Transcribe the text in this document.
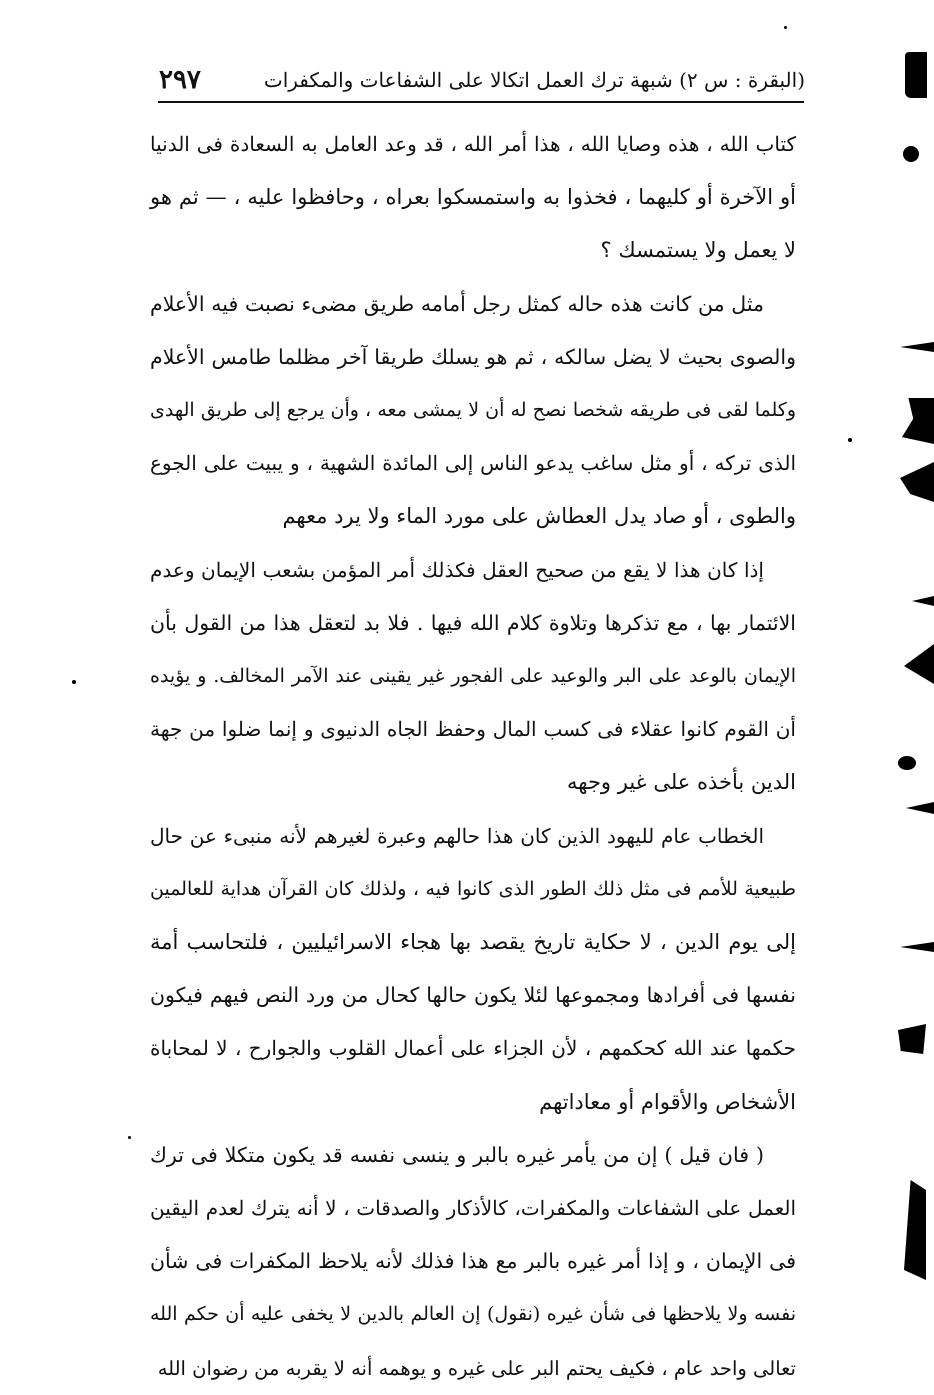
(البقرة : س ٢) شبهة ترك العمل اتكالا على الشفاعات والمكفرات
٢٩٧

كتاب الله ، هذه وصايا الله ، هذا أمر الله ، قد وعد العامل به السعادة فى الدنيا
أو الآخرة أو كليهما ، فخذوا به واستمسكوا بعراه ، وحافظوا عليه ، — ثم هو
لا يعمل ولا يستمسك ؟

مثل من كانت هذه حاله كمثل رجل أمامه طريق مضىء نصبت فيه الأعلام
والصوى بحيث لا يضل سالكه ، ثم هو يسلك طريقا آخر مظلما طامس الأعلام
وكلما لقى فى طريقه شخصا نصح له أن لا يمشى معه ، وأن يرجع إلى طريق الهدى
الذى تركه ، أو مثل ساغب يدعو الناس إلى المائدة الشهية ، و يبيت على الجوع
والطوى ، أو صاد يدل العطاش على مورد الماء ولا يرد معهم

إذا كان هذا لا يقع من صحيح العقل فكذلك أمر المؤمن بشعب الإيمان وعدم
الائتمار بها ، مع تذكرها وتلاوة كلام الله فيها . فلا بد لتعقل هذا من القول بأن
الإيمان بالوعد على البر والوعيد على الفجور غير يقينى عند الآمر المخالف. و يؤيده
أن القوم كانوا عقلاء فى كسب المال وحفظ الجاه الدنيوى و إنما ضلوا من جهة
الدين بأخذه على غير وجهه

الخطاب عام لليهود الذين كان هذا حالهم وعبرة لغيرهم لأنه منبىء عن حال
طبيعية للأمم فى مثل ذلك الطور الذى كانوا فيه ، ولذلك كان القرآن هداية للعالمين
إلى يوم الدين ، لا حكاية تاريخ يقصد بها هجاء الاسرائيليين ، فلتحاسب أمة
نفسها فى أفرادها ومجموعها لئلا يكون حالها كحال من ورد النص فيهم فيكون
حكمها عند الله كحكمهم ، لأن الجزاء على أعمال القلوب والجوارح ، لا لمحاباة
الأشخاص والأقوام أو معاداتهم

( فان قيل ) إن من يأمر غيره بالبر و ينسى نفسه قد يكون متكلا فى ترك
العمل على الشفاعات والمكفرات، كالأذكار والصدقات ، لا أنه يترك لعدم اليقين
فى الإيمان ، و إذا أمر غيره بالبر مع هذا فذلك لأنه يلاحظ المكفرات فى شأن
نفسه ولا يلاحظها فى شأن غيره (نقول) إن العالم بالدين لا يخفى عليه أن حكم الله
تعالى واحد عام ، فكيف يحتم البر على غيره و يوهمه أنه لا يقربه من رضوان الله
